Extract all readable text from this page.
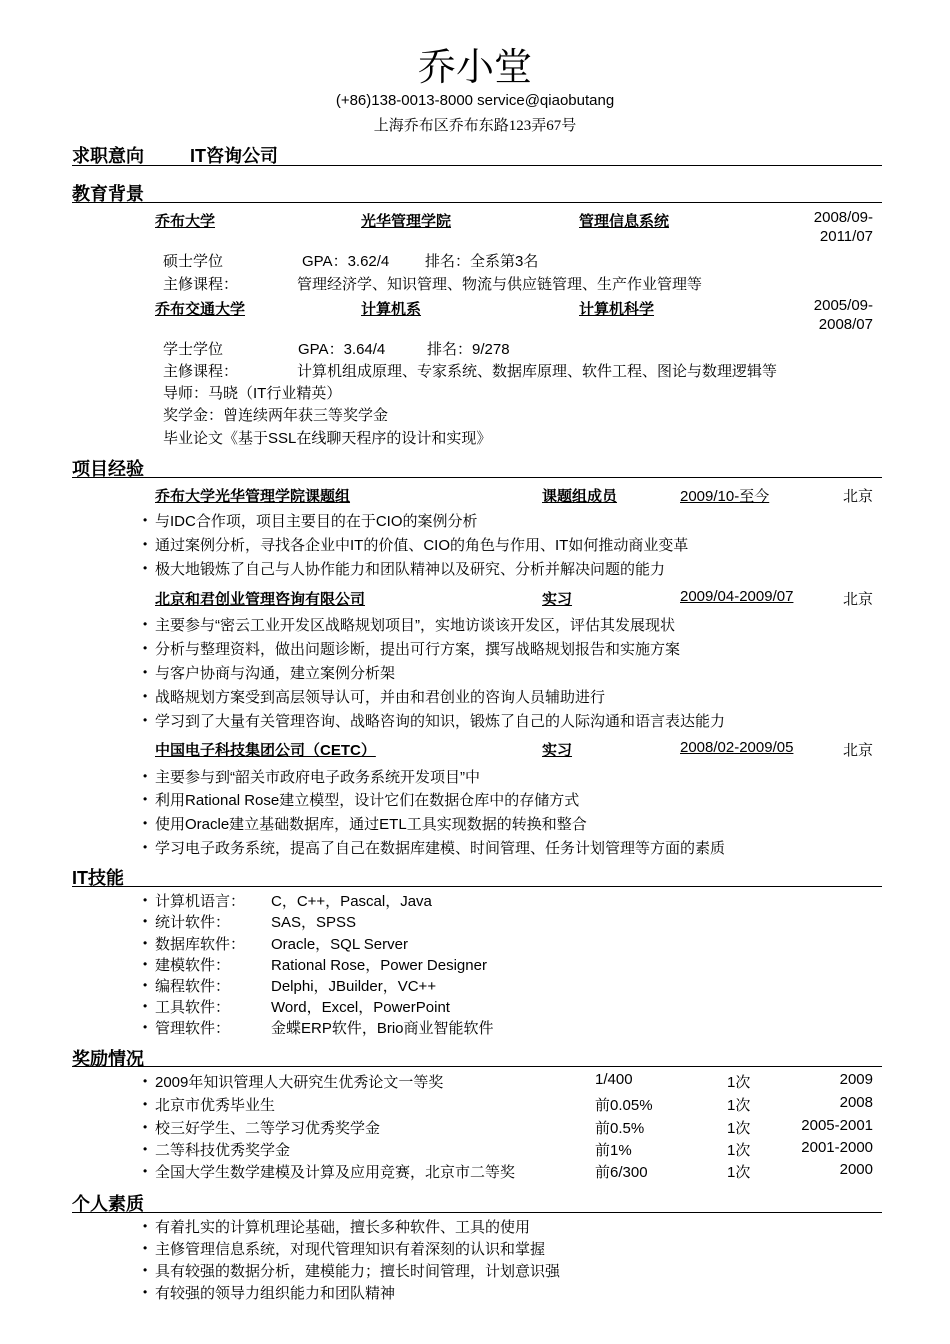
乔小堂
(+86)138-0013-8000 service@qiaobutang
上海乔布区乔布东路123弄67号
求职意向	IT咨询公司
教育背景
乔布大学	光华管理学院	管理信息系统	2008/09-
2011/07
硕士学位	GPA：3.62/4 排名：全系第3名
主修课程：	管理经济学、知识管理、物流与供应链管理、生产作业管理等
乔布交通大学	计算机系	计算机科学	2005/09-
2008/07
学士学位	GPA：3.64/4	排名：9/278
主修课程：	计算机组成原理、专家系统、数据库原理、软件工程、图论与数理逻辑等
导师：马晓（IT行业精英）
奖学金：曾连续两年获三等奖学金
毕业论文《基于SSL在线聊天程序的设计和实现》
项目经验
乔布大学光华管理学院课题组	课题组成员	2009/10-至今	北京
• 与IDC合作项，项目主要目的在于CIO的案例分析
• 通过案例分析，寻找各企业中IT的价值、CIO的角色与作用、IT如何推动商业变革
• 极大地锻炼了自己与人协作能力和团队精神以及研究、分析并解决问题的能力
北京和君创业管理咨询有限公司	实习	2009/04-2009/07	北京
• 主要参与“密云工业开发区战略规划项目”，实地访谈该开发区，评估其发展现状
• 分析与整理资料，做出问题诊断，提出可行方案，撰写战略规划报告和实施方案
• 与客户协商与沟通，建立案例分析架
• 战略规划方案受到高层领导认可，并由和君创业的咨询人员辅助进行
• 学习到了大量有关管理咨询、战略咨询的知识，锻炼了自己的人际沟通和语言表达能力
中国电子科技集团公司（CETC）	实习	2008/02-2009/05	北京
• 主要参与到“韶关市政府电子政务系统开发项目”中
• 利用Rational Rose建立模型，设计它们在数据仓库中的存储方式
• 使用Oracle建立基础数据库，通过ETL工具实现数据的转换和整合
• 学习电子政务系统，提高了自己在数据库建模、时间管理、任务计划管理等方面的素质
IT技能
• 计算机语言： C，C++，Pascal，Java
• 统计软件：	SAS，SPSS
• 数据库软件： Oracle，SQL Server
• 建模软件：	Rational Rose，Power Designer
• 编程软件：	Delphi，JBuilder，VC++
• 工具软件：	Word，Excel，PowerPoint
• 管理软件：	金蝶ERP软件，Brio商业智能软件
奖励情况
• 2009年知识管理人大研究生优秀论文一等奖	1/400	1次	2009
• 北京市优秀毕业生	前0.05%	1次	2008
• 校三好学生、二等学习优秀奖学金	前0.5%	1次	2005-2001
• 二等科技优秀奖学金	前1%	1次	2001-2000
• 全国大学生数学建模及计算及应用竞赛，北京市二等奖	前6/300	1次	2000
个人素质
• 有着扎实的计算机理论基础，擅长多种软件、工具的使用
• 主修管理信息系统，对现代管理知识有着深刻的认识和掌握
• 具有较强的数据分析，建模能力；擅长时间管理，计划意识强
• 有较强的领导力组织能力和团队精神
